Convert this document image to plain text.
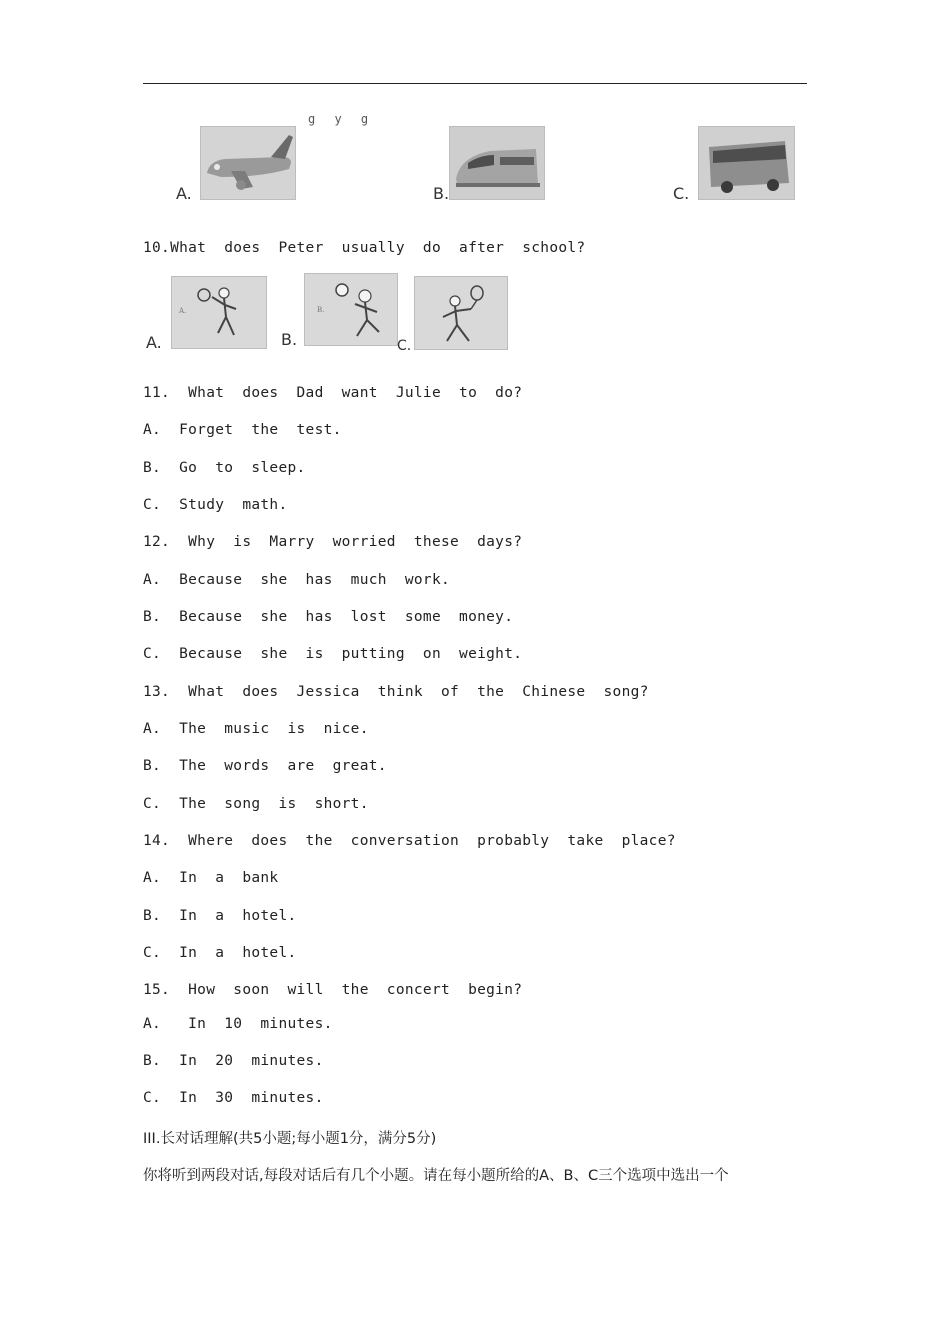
g y g
A.	B.	C.
10.What  does  Peter  usually  do  after  school?
A.
A.
B.
B.
C.
11.  What  does  Dad  want  Julie  to  do?
A.  Forget  the  test.
B.  Go  to  sleep.
C.  Study  math.
12.  Why  is  Marry  worried  these  days?
A.  Because  she  has  much  work.
B.  Because  she  has  lost  some  money.
C.  Because  she  is  putting  on  weight.
13.  What  does  Jessica  think  of  the  Chinese  song?
A.  The  music  is  nice.
B.  The  words  are  great.
C.  The  song  is  short.
14.  Where  does  the  conversation  probably  take  place?
A.  In  a  bank
B.  In  a  hotel.
C.  In  a  hotel.
15.  How  soon  will  the  concert  begin?
A.   In  10  minutes.
B.  In  20  minutes.
C.  In  30  minutes.
III.长对话理解(共5小题;每小题1分，满分5分)
你将听到两段对话,每段对话后有几个小题。请在每小题所给的A、B、C三个选项中选出一个
